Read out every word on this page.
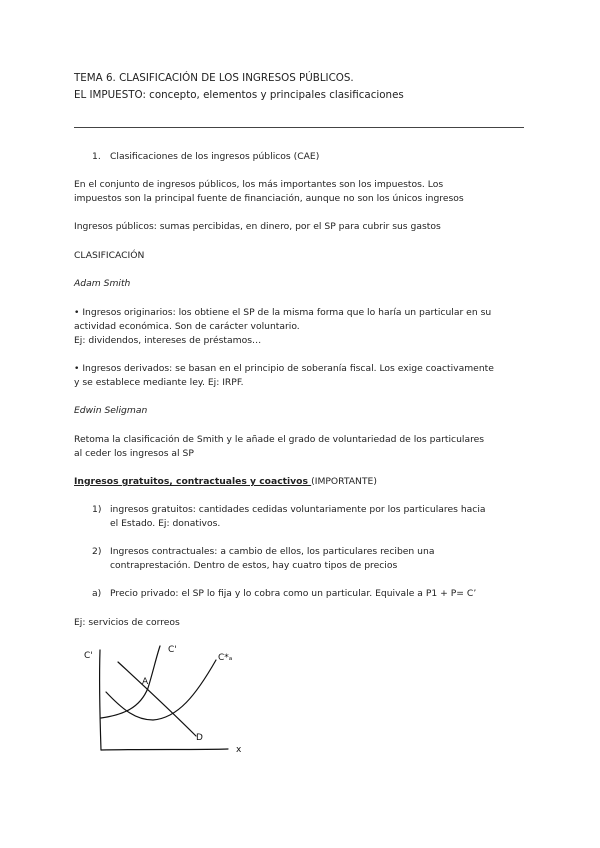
TEMA 6. CLASIFICACIÓN DE LOS INGRESOS PÚBLICOS.
EL IMPUESTO: concepto, elementos y principales clasificaciones
1. Clasificaciones de los ingresos públicos (CAE)
En el conjunto de ingresos públicos, los más importantes son los impuestos. Los
impuestos son la principal fuente de financiación, aunque no son los únicos ingresos
Ingresos públicos: sumas percibidas, en dinero, por el SP para cubrir sus gastos
CLASIFICACIÓN
Adam Smith
• Ingresos originarios: los obtiene el SP de la misma forma que lo haría un particular en su
actividad económica. Son de carácter voluntario.
Ej: dividendos, intereses de préstamos…
• Ingresos derivados: se basan en el principio de soberanía fiscal. Los exige coactivamente
y se establece mediante ley. Ej: IRPF.
Edwin Seligman
Retoma la clasificación de Smith y le añade el grado de voluntariedad de los particulares
al ceder los ingresos al SP
Ingresos gratuitos, contractuales y coactivos (IMPORTANTE)
1) ingresos gratuitos: cantidades cedidas voluntariamente por los particulares hacia
el Estado. Ej: donativos.
2) Ingresos contractuales: a cambio de ellos, los particulares reciben una
contraprestación. Dentro de estos, hay cuatro tipos de precios
a) Precio privado: el SP lo fija y lo cobra como un particular. Equivale a P1 + P= C’
Ej: servicios de correos
C'
C'
C*ₐ
A
D
x
